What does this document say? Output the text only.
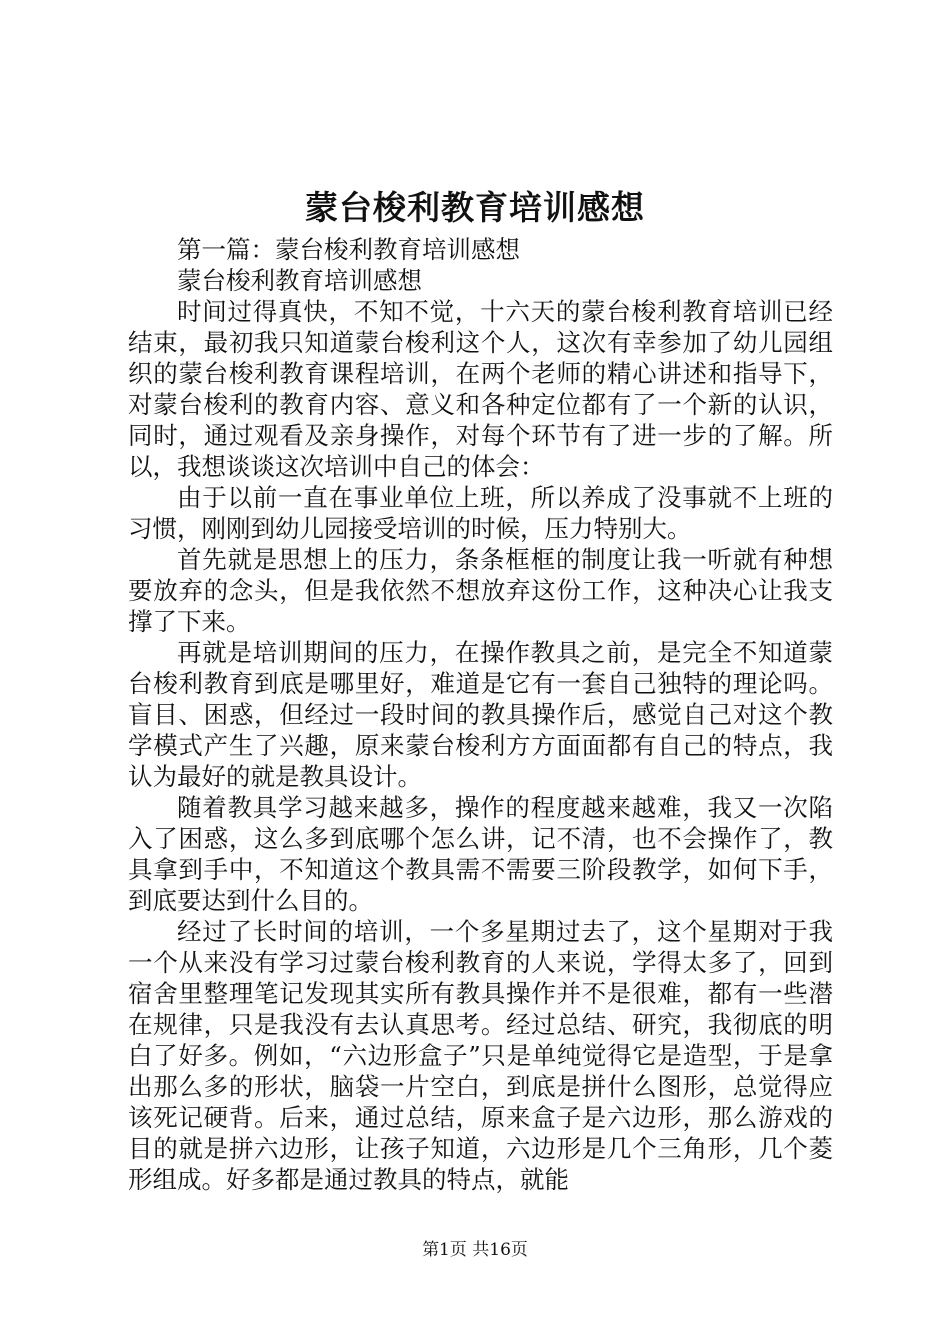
蒙台梭利教育培训感想

第一篇：蒙台梭利教育培训感想

蒙台梭利教育培训感想

时间过得真快，不知不觉，十六天的蒙台梭利教育培训已经结束，最初我只知道蒙台梭利这个人，这次有幸参加了幼儿园组织的蒙台梭利教育课程培训，在两个老师的精心讲述和指导下，对蒙台梭利的教育内容、意义和各种定位都有了一个新的认识，同时，通过观看及亲身操作，对每个环节有了进一步的了解。所以，我想谈谈这次培训中自己的体会：

由于以前一直在事业单位上班，所以养成了没事就不上班的习惯，刚刚到幼儿园接受培训的时候，压力特别大。

首先就是思想上的压力，条条框框的制度让我一听就有种想要放弃的念头，但是我依然不想放弃这份工作，这种决心让我支撑了下来。

再就是培训期间的压力，在操作教具之前，是完全不知道蒙台梭利教育到底是哪里好，难道是它有一套自己独特的理论吗。盲目、困惑，但经过一段时间的教具操作后，感觉自己对这个教学模式产生了兴趣，原来蒙台梭利方方面面都有自己的特点，我认为最好的就是教具设计。

随着教具学习越来越多，操作的程度越来越难，我又一次陷入了困惑，这么多到底哪个怎么讲，记不清，也不会操作了，教具拿到手中，不知道这个教具需不需要三阶段教学，如何下手，到底要达到什么目的。

经过了长时间的培训，一个多星期过去了，这个星期对于我一个从来没有学习过蒙台梭利教育的人来说，学得太多了，回到宿舍里整理笔记发现其实所有教具操作并不是很难，都有一些潜在规律，只是我没有去认真思考。经过总结、研究，我彻底的明白了好多。例如，“六边形盒子”只是单纯觉得它是造型，于是拿出那么多的形状，脑袋一片空白，到底是拼什么图形，总觉得应该死记硬背。后来，通过总结，原来盒子是六边形，那么游戏的目的就是拼六边形，让孩子知道，六边形是几个三角形，几个菱形组成。好多都是通过教具的特点，就能

第1页 共16页
